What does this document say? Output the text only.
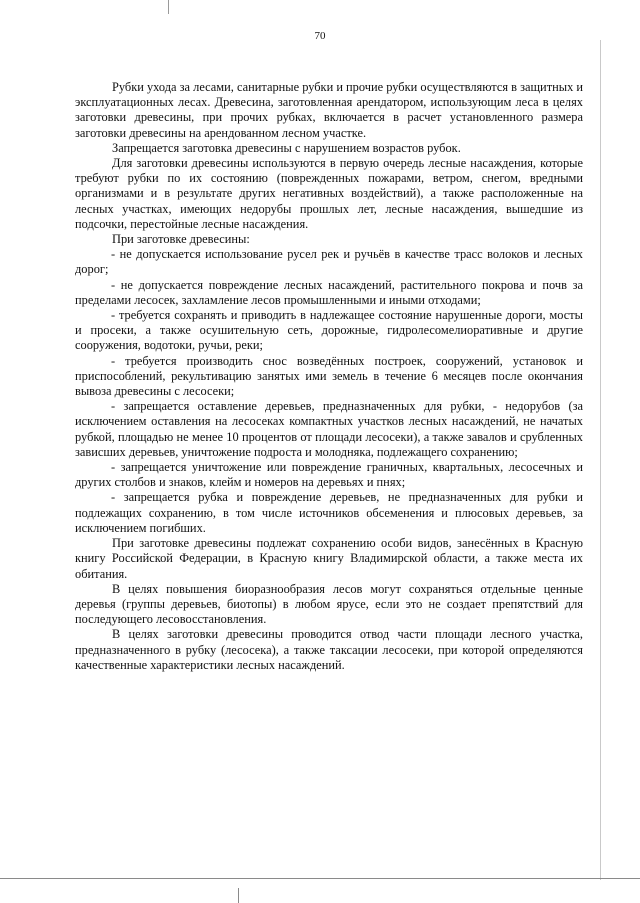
70

Рубки ухода за лесами, санитарные рубки и прочие рубки осуществляются в защитных и эксплуатационных лесах. Древесина, заготовленная арендатором, использующим леса в целях заготовки древесины, при прочих рубках, включается в расчет установленного размера заготовки древесины на арендованном лесном участке.

Запрещается заготовка древесины с нарушением возрастов рубок.

Для заготовки древесины используются в первую очередь лесные насаждения, которые требуют рубки по их состоянию (поврежденных пожарами, ветром, снегом, вредными организмами и в результате других негативных воздействий), а также расположенные на лесных участках, имеющих недорубы прошлых лет, лесные насаждения, вышедшие из подсочки, перестойные лесные насаждения.

При заготовке древесины:

- не допускается использование русел рек и ручьёв в качестве трасс волоков и лесных дорог;

- не допускается повреждение лесных насаждений, растительного покрова и почв за пределами лесосек, захламление лесов промышленными и иными отходами;

- требуется сохранять и приводить в надлежащее состояние нарушенные дороги, мосты и просеки, а также осушительную сеть, дорожные, гидролесомелиоративные и другие сооружения, водотоки, ручьи, реки;

- требуется производить снос возведённых построек, сооружений, установок и приспособлений, рекультивацию занятых ими земель в течение 6 месяцев после окончания вывоза древесины с лесосеки;

- запрещается оставление деревьев, предназначенных для рубки, - недорубов (за исключением оставления на лесосеках компактных участков лесных насаждений, не начатых рубкой, площадью не менее 10 процентов от площади лесосеки), а также завалов и срубленных зависших деревьев, уничтожение подроста и молодняка, подлежащего сохранению;

- запрещается уничтожение или повреждение граничных, квартальных, лесосечных и других столбов и знаков, клейм и номеров на деревьях и пнях;

- запрещается рубка и повреждение деревьев, не предназначенных для рубки и подлежащих сохранению, в том числе источников обсеменения и плюсовых деревьев, за исключением погибших.

При заготовке древесины подлежат сохранению особи видов, занесённых в Красную книгу Российской Федерации, в Красную книгу Владимирской области, а также места их обитания.

В целях повышения биоразнообразия лесов могут сохраняться отдельные ценные деревья (группы деревьев, биотопы) в любом ярусе, если это не создает препятствий для последующего лесовосстановления.

В целях заготовки древесины проводится отвод части площади лесного участка, предназначенного в рубку (лесосека), а также таксации лесосеки, при которой определяются качественные характеристики лесных насаждений.
